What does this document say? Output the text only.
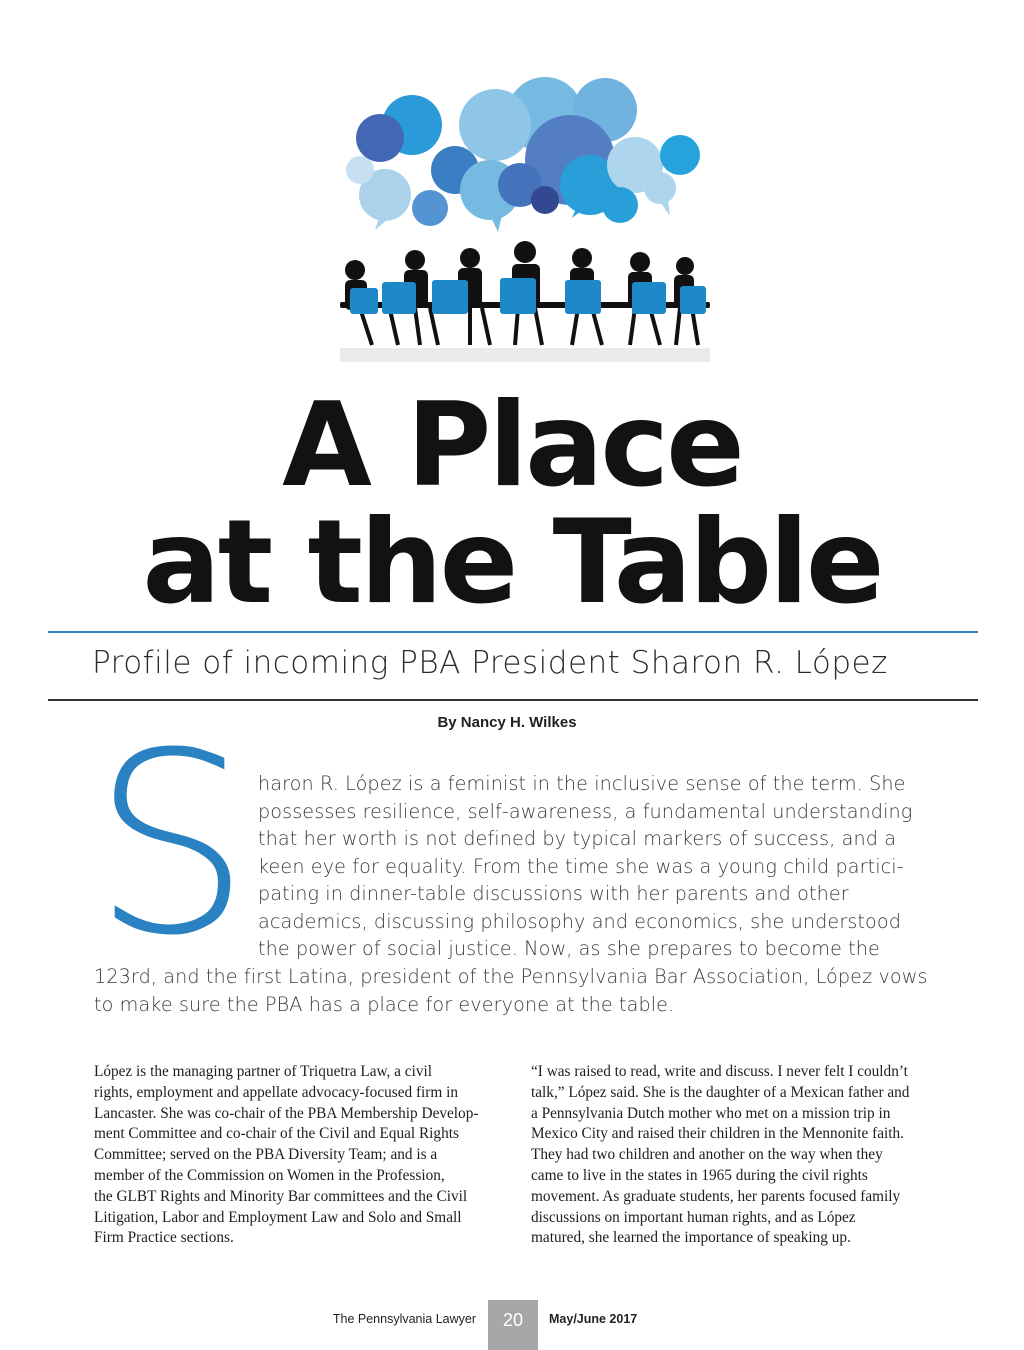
A Place
at the Table
Profile of incoming PBA President Sharon R. López
By Nancy H. Wilkes
S haron R. López is a feminist in the inclusive sense of the term. She
possesses resilience, self-awareness, a fundamental understanding
that her worth is not defined by typical markers of success, and a
keen eye for equality. From the time she was a young child partici-
pating in dinner-table discussions with her parents and other
academics, discussing philosophy and economics, she understood
the power of social justice. Now, as she prepares to become the
123rd, and the first Latina, president of the Pennsylvania Bar Association, López vows
to make sure the PBA has a place for everyone at the table.
López is the managing partner of Triquetra Law, a civil
rights, employment and appellate advocacy-focused firm in
Lancaster. She was co-chair of the PBA Membership Develop-
ment Committee and co-chair of the Civil and Equal Rights
Committee; served on the PBA Diversity Team; and is a
member of the Commission on Women in the Profession,
the GLBT Rights and Minority Bar committees and the Civil
Litigation, Labor and Employment Law and Solo and Small
Firm Practice sections.
“I was raised to read, write and discuss. I never felt I couldn’t
talk,” López said. She is the daughter of a Mexican father and
a Pennsylvania Dutch mother who met on a mission trip in
Mexico City and raised their children in the Mennonite faith.
They had two children and another on the way when they
came to live in the states in 1965 during the civil rights
movement. As graduate students, her parents focused family
discussions on important human rights, and as López
matured, she learned the importance of speaking up.
The Pennsylvania Lawyer	20	May/June 2017
